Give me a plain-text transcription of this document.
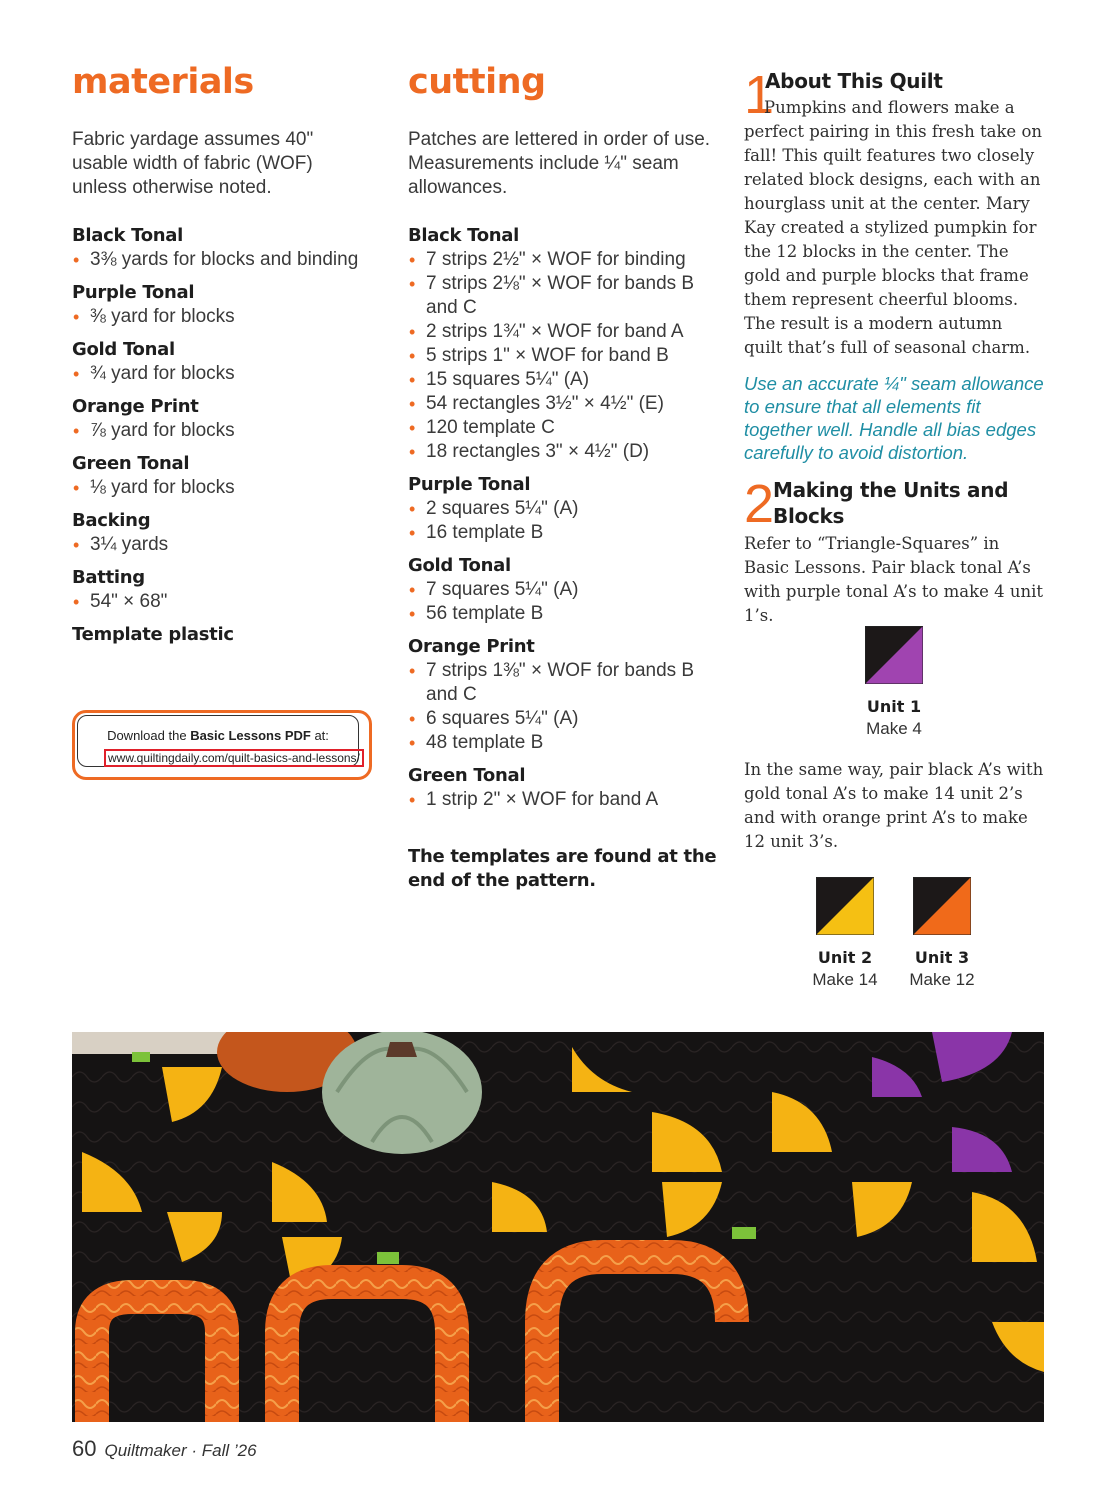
materials

Fabric yardage assumes 40" usable width of fabric (WOF) unless otherwise noted.

Black Tonal
• 3⅜ yards for blocks and binding
Purple Tonal
• ⅜ yard for blocks
Gold Tonal
• ¾ yard for blocks
Orange Print
• ⅞ yard for blocks
Green Tonal
• ⅛ yard for blocks
Backing
• 3¼ yards
Batting
• 54" × 68"
Template plastic
Download the Basic Lessons PDF at:
www.quiltingdaily.com/quilt-basics-and-lessons/
cutting

Patches are lettered in order of use. Measurements include ¼" seam allowances.

Black Tonal
• 7 strips 2½" × WOF for binding
• 7 strips 2⅛" × WOF for bands B and C
• 2 strips 1¾" × WOF for band A
• 5 strips 1" × WOF for band B
• 15 squares 5¼" (A)
• 54 rectangles 3½" × 4½" (E)
• 120 template C
• 18 rectangles 3" × 4½" (D)
Purple Tonal
• 2 squares 5¼" (A)
• 16 template B
Gold Tonal
• 7 squares 5¼" (A)
• 56 template B
Orange Print
• 7 strips 1⅜" × WOF for bands B and C
• 6 squares 5¼" (A)
• 48 template B
Green Tonal
• 1 strip 2" × WOF for band A
The templates are found at the end of the pattern.
1
About This Quilt

Pumpkins and flowers make a perfect pairing in this fresh take on fall! This quilt features two closely related block designs, each with an hourglass unit at the center. Mary Kay created a stylized pumpkin for the 12 blocks in the center. The gold and purple blocks that frame them represent cheerful blooms. The result is a modern autumn quilt that’s full of seasonal charm.

Use an accurate ¼" seam allowance to ensure that all elements fit together well. Handle all bias edges carefully to avoid distortion.

2
Making the Units and Blocks

Refer to “Triangle-Squares” in Basic Lessons. Pair black tonal A’s with purple tonal A’s to make 4 unit 1’s.

Unit 1
Make 4

In the same way, pair black A’s with gold tonal A’s to make 14 unit 2’s and with orange print A’s to make 12 unit 3’s.

Unit 2
Make 14
Unit 3
Make 12
60 Quiltmaker · Fall ’26
